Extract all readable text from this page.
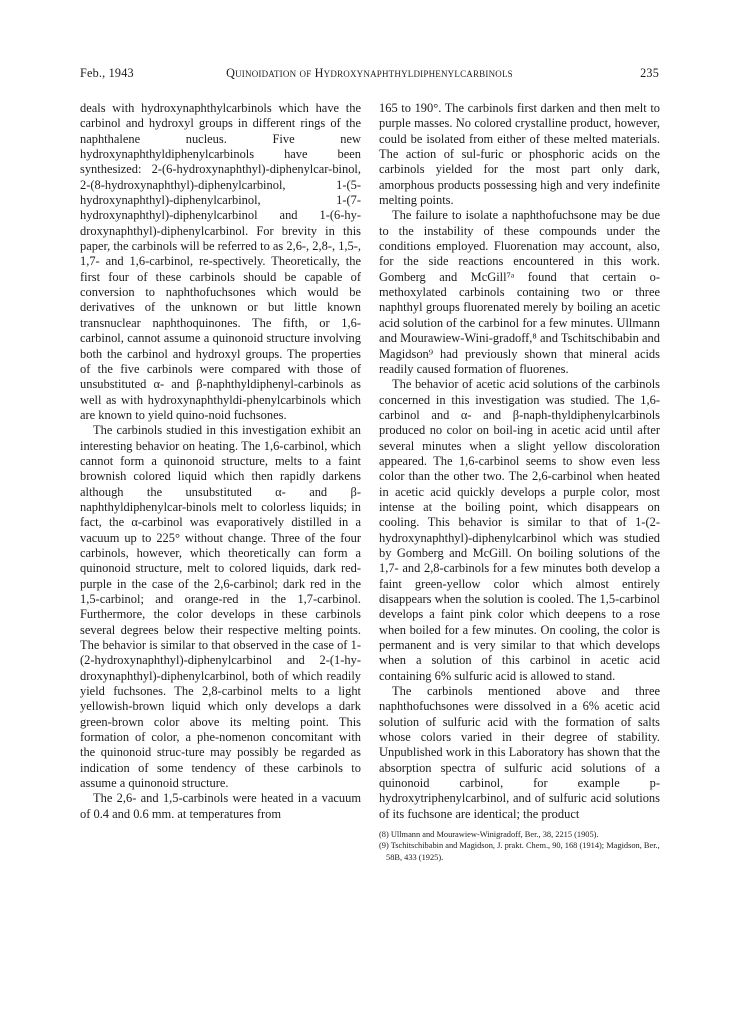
Feb., 1943	Quinoidation of Hydroxynaphthyldiphenylcarbinols	235

deals with hydroxynaphthylcarbinols which have the carbinol and hydroxyl groups in different rings of the naphthalene nucleus. Five new hydroxynaphthyldiphenylcarbinols have been synthesized: 2-(6-hydroxynaphthyl)-diphenylcar-binol, 2-(8-hydroxynaphthyl)-diphenylcarbinol, 1-(5-hydroxynaphthyl)-diphenylcarbinol, 1-(7-hydroxynaphthyl)-diphenylcarbinol and 1-(6-hy-droxynaphthyl)-diphenylcarbinol. For brevity in this paper, the carbinols will be referred to as 2,6-, 2,8-, 1,5-, 1,7- and 1,6-carbinol, re-spectively. Theoretically, the first four of these carbinols should be capable of conversion to naphthofuchsones which would be derivatives of the unknown or but little known transnuclear naphthoquinones. The fifth, or 1,6-carbinol, cannot assume a quinonoid structure involving both the carbinol and hydroxyl groups. The properties of the five carbinols were compared with those of unsubstituted α- and β-naphthyldiphenyl-carbinols as well as with hydroxynaphthyldi-phenylcarbinols which are known to yield quino-noid fuchsones.

The carbinols studied in this investigation exhibit an interesting behavior on heating. The 1,6-carbinol, which cannot form a quinonoid structure, melts to a faint brownish colored liquid which then rapidly darkens although the unsubstituted α- and β-naphthyldiphenylcar-binols melt to colorless liquids; in fact, the α-carbinol was evaporatively distilled in a vacuum up to 225° without change. Three of the four carbinols, however, which theoretically can form a quinonoid structure, melt to colored liquids, dark red-purple in the case of the 2,6-carbinol; dark red in the 1,5-carbinol; and orange-red in the 1,7-carbinol. Furthermore, the color develops in these carbinols several degrees below their respective melting points. The behavior is similar to that observed in the case of 1-(2-hydroxynaphthyl)-diphenylcarbinol and 2-(1-hy-droxynaphthyl)-diphenylcarbinol, both of which readily yield fuchsones. The 2,8-carbinol melts to a light yellowish-brown liquid which only develops a dark green-brown color above its melting point. This formation of color, a phe-nomenon concomitant with the quinonoid struc-ture may possibly be regarded as indication of some tendency of these carbinols to assume a quinonoid structure.

The 2,6- and 1,5-carbinols were heated in a vacuum of 0.4 and 0.6 mm. at temperatures from

165 to 190°. The carbinols first darken and then melt to purple masses. No colored crystalline product, however, could be isolated from either of these melted materials. The action of sul-furic or phosphoric acids on the carbinols yielded for the most part only dark, amorphous products possessing high and very indefinite melting points.

The failure to isolate a naphthofuchsone may be due to the instability of these compounds under the conditions employed. Fluorenation may account, also, for the side reactions encountered in this work. Gomberg and McGill⁷ᵃ found that certain o-methoxylated carbinols containing two or three naphthyl groups fluorenated merely by boiling an acetic acid solution of the carbinol for a few minutes. Ullmann and Mourawiew-Wini-gradoff,⁸ and Tschitschibabin and Magidson⁹ had previously shown that mineral acids readily caused formation of fluorenes.

The behavior of acetic acid solutions of the carbinols concerned in this investigation was studied. The 1,6-carbinol and α- and β-naph-thyldiphenylcarbinols produced no color on boil-ing in acetic acid until after several minutes when a slight yellow discoloration appeared. The 1,6-carbinol seems to show even less color than the other two. The 2,6-carbinol when heated in acetic acid quickly develops a purple color, most intense at the boiling point, which disappears on cooling. This behavior is similar to that of 1-(2-hydroxynaphthyl)-diphenylcarbinol which was studied by Gomberg and McGill. On boiling solutions of the 1,7- and 2,8-carbinols for a few minutes both develop a faint green-yellow color which almost entirely disappears when the solution is cooled. The 1,5-carbinol develops a faint pink color which deepens to a rose when boiled for a few minutes. On cooling, the color is permanent and is very similar to that which develops when a solution of this carbinol in acetic acid containing 6% sulfuric acid is allowed to stand.

The carbinols mentioned above and three naphthofuchsones were dissolved in a 6% acetic acid solution of sulfuric acid with the formation of salts whose colors varied in their degree of stability. Unpublished work in this Laboratory has shown that the absorption spectra of sulfuric acid solutions of a quinonoid carbinol, for example p-hydroxytriphenylcarbinol, and of sulfuric acid solutions of its fuchsone are identical; the product

(8) Ullmann and Mourawiew-Winigradoff, Ber., 38, 2215 (1905).
(9) Tschitschibabin and Magidson, J. prakt. Chem., 90, 168 (1914); Magidson, Ber., 58B, 433 (1925).
